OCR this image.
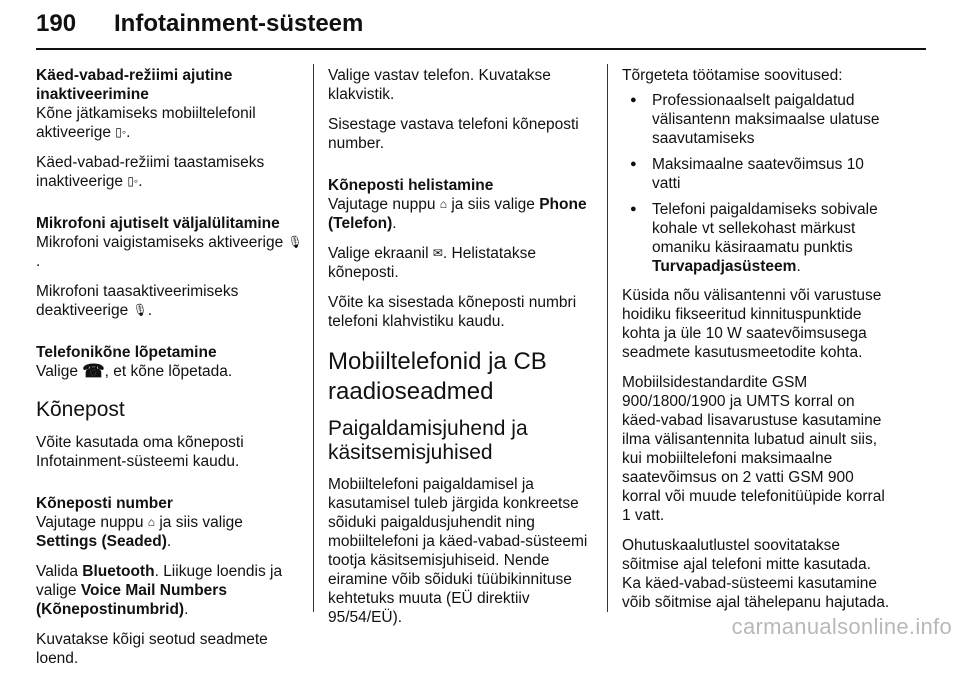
190 Infotainment-süsteem

Käed-vabad-režiimi ajutine inaktiveerimine

Kõne jätkamiseks mobiiltelefonil aktiveerige ▯◦.

Käed-vabad-režiimi taastamiseks inaktiveerige ▯◦.

Mikrofoni ajutiselt väljalülitamine

Mikrofoni vaigistamiseks aktiveerige 🎙.

Mikrofoni taasaktiveerimiseks deaktiveerige 🎙.

Telefonikõne lõpetamine

Valige ☎, et kõne lõpetada.

Kõnepost

Võite kasutada oma kõneposti Infotainment-süsteemi kaudu.

Kõneposti number

Vajutage nuppu ⌂ ja siis valige Settings (Seaded).

Valida Bluetooth. Liikuge loendis ja valige Voice Mail Numbers (Kõnepostinumbrid).

Kuvatakse kõigi seotud seadmete loend.

Valige vastav telefon. Kuvatakse klakvistik.

Sisestage vastava telefoni kõneposti number.

Kõneposti helistamine

Vajutage nuppu ⌂ ja siis valige Phone (Telefon).

Valige ekraanil ✉. Helistatakse kõneposti.

Võite ka sisestada kõneposti numbri telefoni klahvistiku kaudu.

Mobiiltelefonid ja CB raadioseadmed

Paigaldamisjuhend ja käsitsemisjuhised

Mobiiltelefoni paigaldamisel ja kasutamisel tuleb järgida konkreetse sõiduki paigaldusjuhendit ning mobiiltelefoni ja käed-vabad-süsteemi tootja käsitsemisjuhiseid. Nende eiramine võib sõiduki tüübikinnituse kehtetuks muuta (EÜ direktiiv 95/54/EÜ).

Tõrgeteta töötamise soovitused:

● Professionaalselt paigaldatud välisantenn maksimaalse ulatuse saavutamiseks
● Maksimaalne saatevõimsus 10 vatti
● Telefoni paigaldamiseks sobivale kohale vt sellekohast märkust omaniku käsiraamatu punktis Turvapadjasüsteem.

Küsida nõu välisantenni või varustuse hoidiku fikseeritud kinnituspunktide kohta ja üle 10 W saatevõimsusega seadmete kasutusmeetodite kohta.

Mobiilsidestandardite GSM 900/1800/1900 ja UMTS korral on käed-vabad lisavarustuse kasutamine ilma välisantennita lubatud ainult siis, kui mobiiltelefoni maksimaalne saatevõimsus on 2 vatti GSM 900 korral või muude telefonitüüpide korral 1 vatt.

Ohutuskaalutlustel soovitatakse sõitmise ajal telefoni mitte kasutada. Ka käed-vabad-süsteemi kasutamine võib sõitmise ajal tähelepanu hajutada.

carmanualsonline.info
